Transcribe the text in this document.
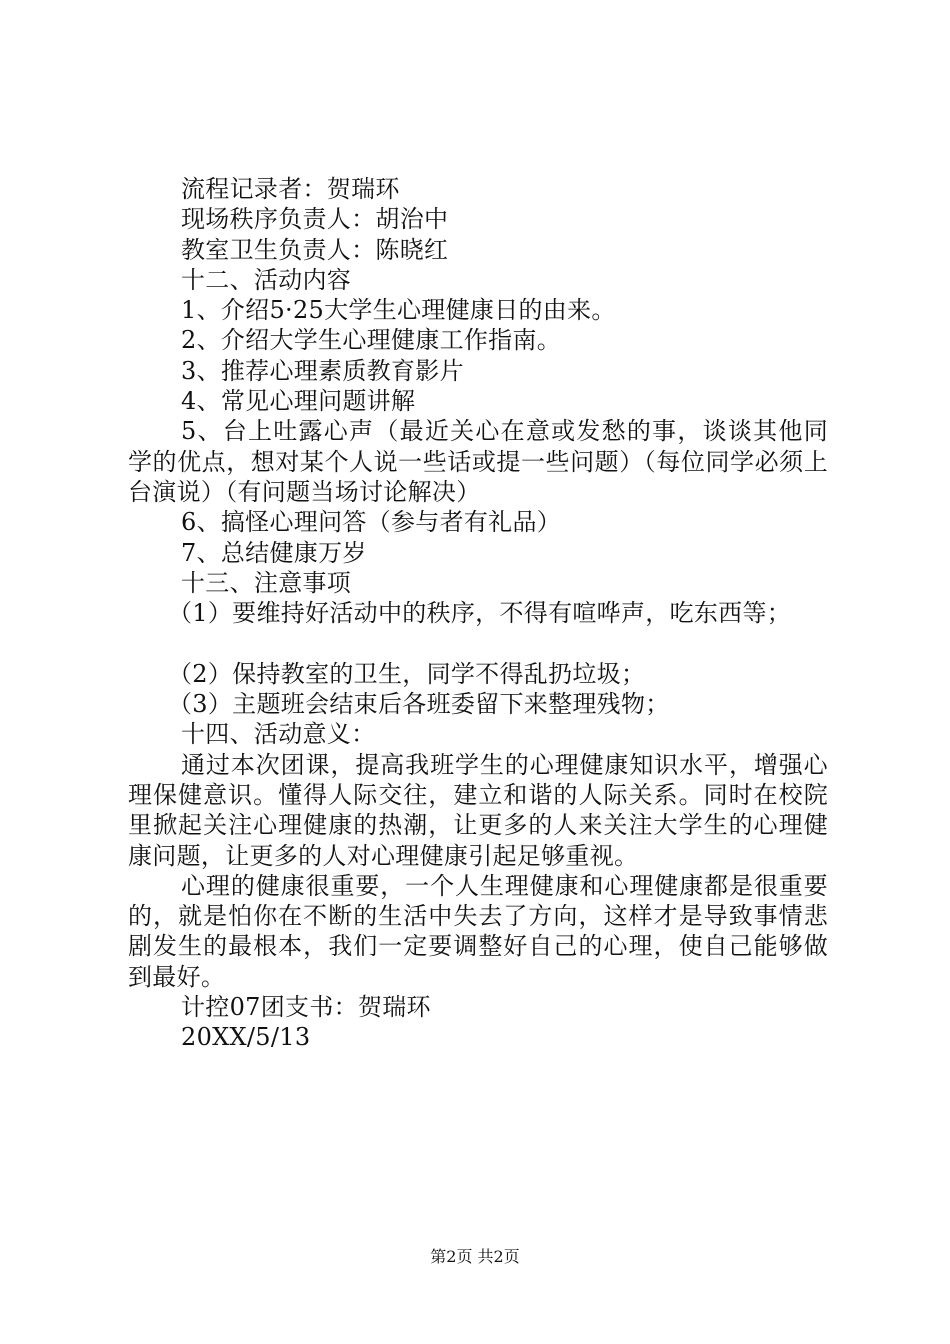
流程记录者：贺瑞环
现场秩序负责人：胡治中
教室卫生负责人：陈晓红
十二、活动内容
1、介绍5·25大学生心理健康日的由来。
2、介绍大学生心理健康工作指南。
3、推荐心理素质教育影片
4、常见心理问题讲解

5、台上吐露心声（最近关心在意或发愁的事，谈谈其他同学的优点，想对某个人说一些话或提一些问题）（每位同学必须上台演说）（有问题当场讨论解决）

6、搞怪心理问答（参与者有礼品）
7、总结健康万岁
十三、注意事项
（1）要维持好活动中的秩序，不得有喧哗声，吃东西等；
（2）保持教室的卫生，同学不得乱扔垃圾；
（3）主题班会结束后各班委留下来整理残物；
十四、活动意义：

通过本次团课，提高我班学生的心理健康知识水平，增强心理保健意识。懂得人际交往，建立和谐的人际关系。同时在校院里掀起关注心理健康的热潮，让更多的人来关注大学生的心理健康问题，让更多的人对心理健康引起足够重视。

心理的健康很重要，一个人生理健康和心理健康都是很重要的，就是怕你在不断的生活中失去了方向，这样才是导致事情悲剧发生的最根本，我们一定要调整好自己的心理，使自己能够做到最好。

计控07团支书：贺瑞环
20XX/5/13
第2页 共2页
